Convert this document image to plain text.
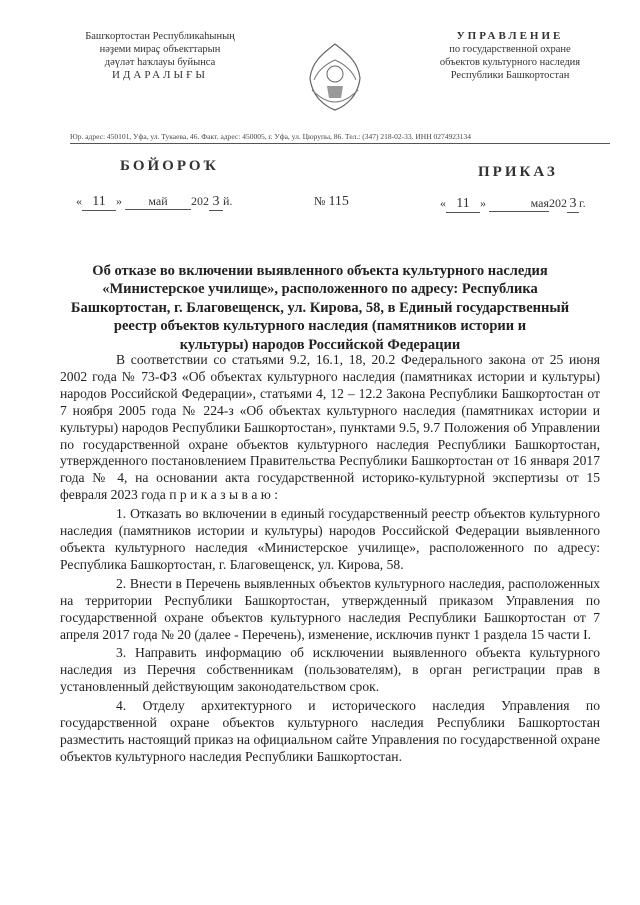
Башҡортостан Республикаһының
нәҙеми мираҫ объекттарын
дәүләт һаҡлауы буйынса
ИДАРАЛЫҒЫ
УПРАВЛЕНИЕ
по государственной охране
объектов культурного наследия
Республики Башкортостан
Юр. адрес: 450101, Уфа, ул. Тукаева, 46. Факт. адрес: 450005, г. Уфа, ул. Цюрупы, 86. Тел.: (347) 218-02-33. ИНН 0274923134
БОЙОРОҠ	ПРИКАЗ
« 11 » май 202 3 й.	№ 115	« 11 »	мая202 3 г.
Об отказе во включении выявленного объекта культурного наследия
«Министерское училище», расположенного по адресу: Республика
Башкортостан, г. Благовещенск, ул. Кирова, 58, в Единый государственный
реестр объектов культурного наследия (памятников истории и
культуры) народов Российской Федерации

В соответствии со статьями 9.2, 16.1, 18, 20.2 Федерального закона от 25 июня 2002 года № 73-ФЗ «Об объектах культурного наследия (памятниках истории и культуры) народов Российской Федерации», статьями 4, 12 – 12.2 Закона Республики Башкортостан от 7 ноября 2005 года № 224-з «Об объектах культурного наследия (памятниках истории и культуры) народов Республики Башкортостан», пунктами 9.5, 9.7 Положения об Управлении по государственной охране объектов культурного наследия Республики Башкортостан, утвержденного постановлением Правительства Республики Башкортостан от 16 января 2017 года № 4, на основании акта государственной историко-культурной экспертизы от 15 февраля 2023 года п р и к а з ы в а ю :

1. Отказать во включении в единый государственный реестр объектов культурного наследия (памятников истории и культуры) народов Российской Федерации выявленного объекта культурного наследия «Министерское училище», расположенного по адресу: Республика Башкортостан, г. Благовещенск, ул. Кирова, 58.

2. Внести в Перечень выявленных объектов культурного наследия, расположенных на территории Республики Башкортостан, утвержденный приказом Управления по государственной охране объектов культурного наследия Республики Башкортостан от 7 апреля 2017 года № 20 (далее - Перечень), изменение, исключив пункт 1 раздела 15 части I.

3. Направить информацию об исключении выявленного объекта культурного наследия из Перечня собственникам (пользователям), в орган регистрации прав в установленный действующим законодательством срок.

4. Отделу архитектурного и исторического наследия Управления по государственной охране объектов культурного наследия Республики Башкортостан разместить настоящий приказ на официальном сайте Управления по государственной охране объектов культурного наследия Республики Башкортостан.
